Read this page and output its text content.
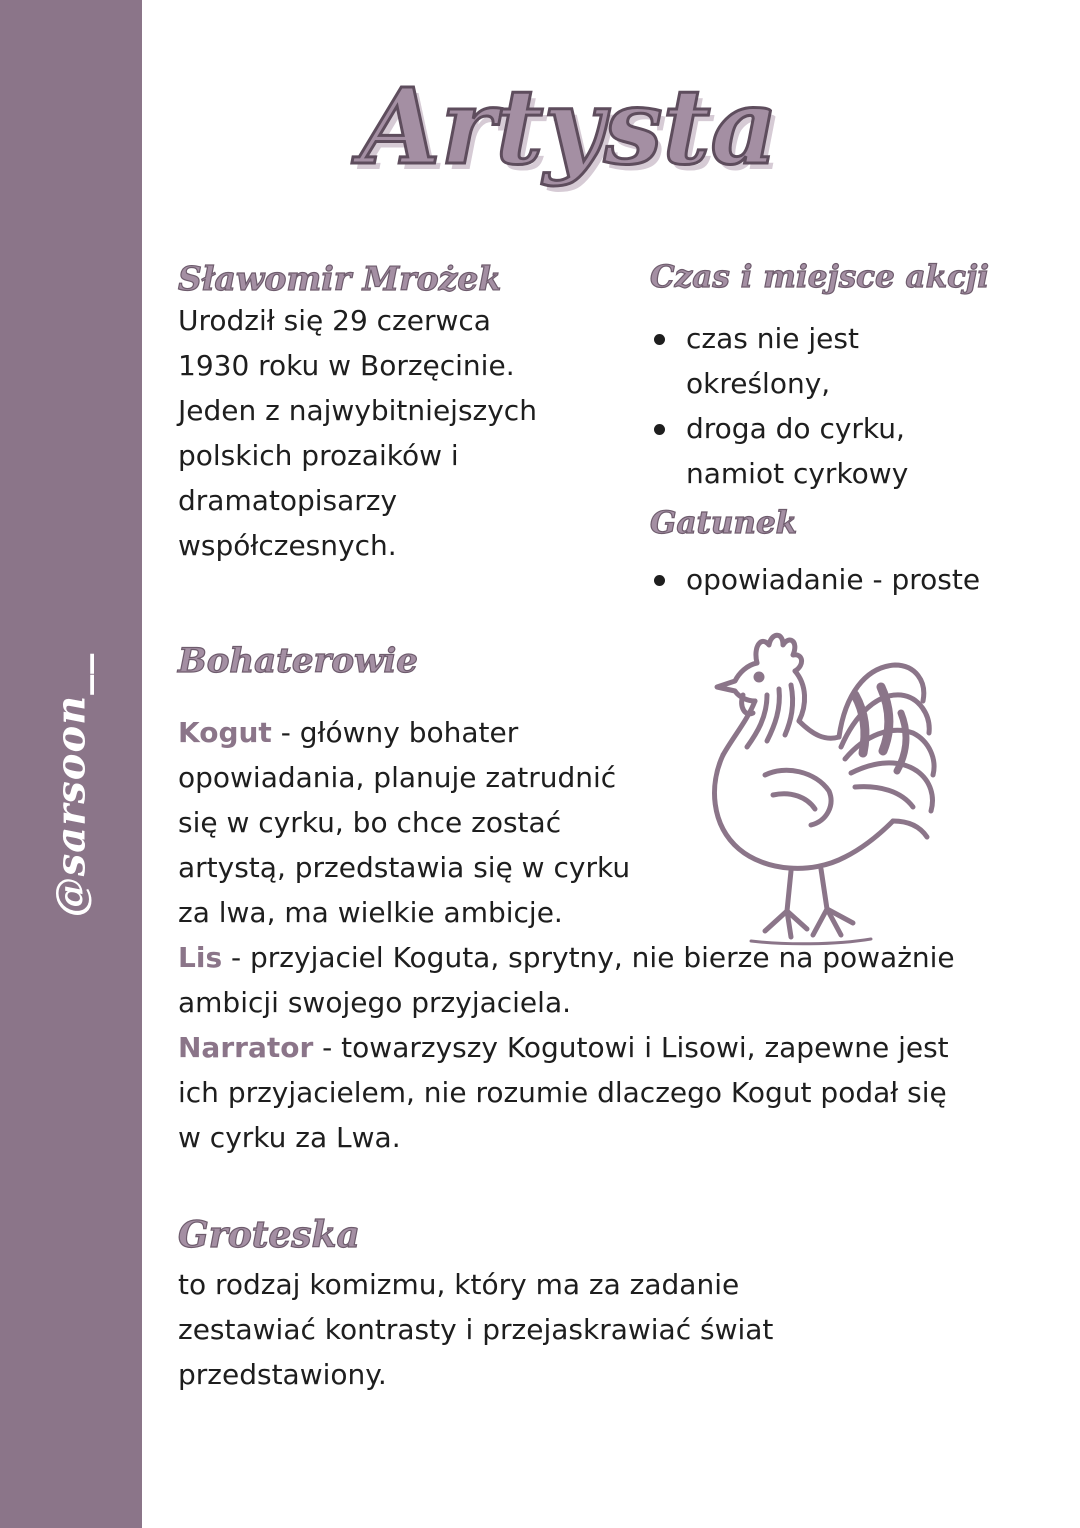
@sarsoon__
Artysta
Sławomir Mrożek

Urodził się 29 czerwca 1930 roku w Borzęcinie. Jeden z najwybitniejszych polskich prozaików i dramatopisarzy współczesnych.

Czas i miejsce akcji
czas nie jest określony,
droga do cyrku, namiot cyrkowy
Gatunek
opowiadanie - proste
Bohaterowie

Kogut - główny bohater opowiadania, planuje zatrudnić się w cyrku, bo chce zostać artystą, przedstawia się w cyrku za lwa, ma wielkie ambicje.

Lis - przyjaciel Koguta, sprytny, nie bierze na poważnie ambicji swojego przyjaciela.

Narrator - towarzyszy Kogutowi i Lisowi, zapewne jest ich przyjacielem, nie rozumie dlaczego Kogut podał się w cyrku za Lwa.

Groteska

to rodzaj komizmu, który ma za zadanie zestawiać kontrasty i przejaskrawiać świat przedstawiony.
